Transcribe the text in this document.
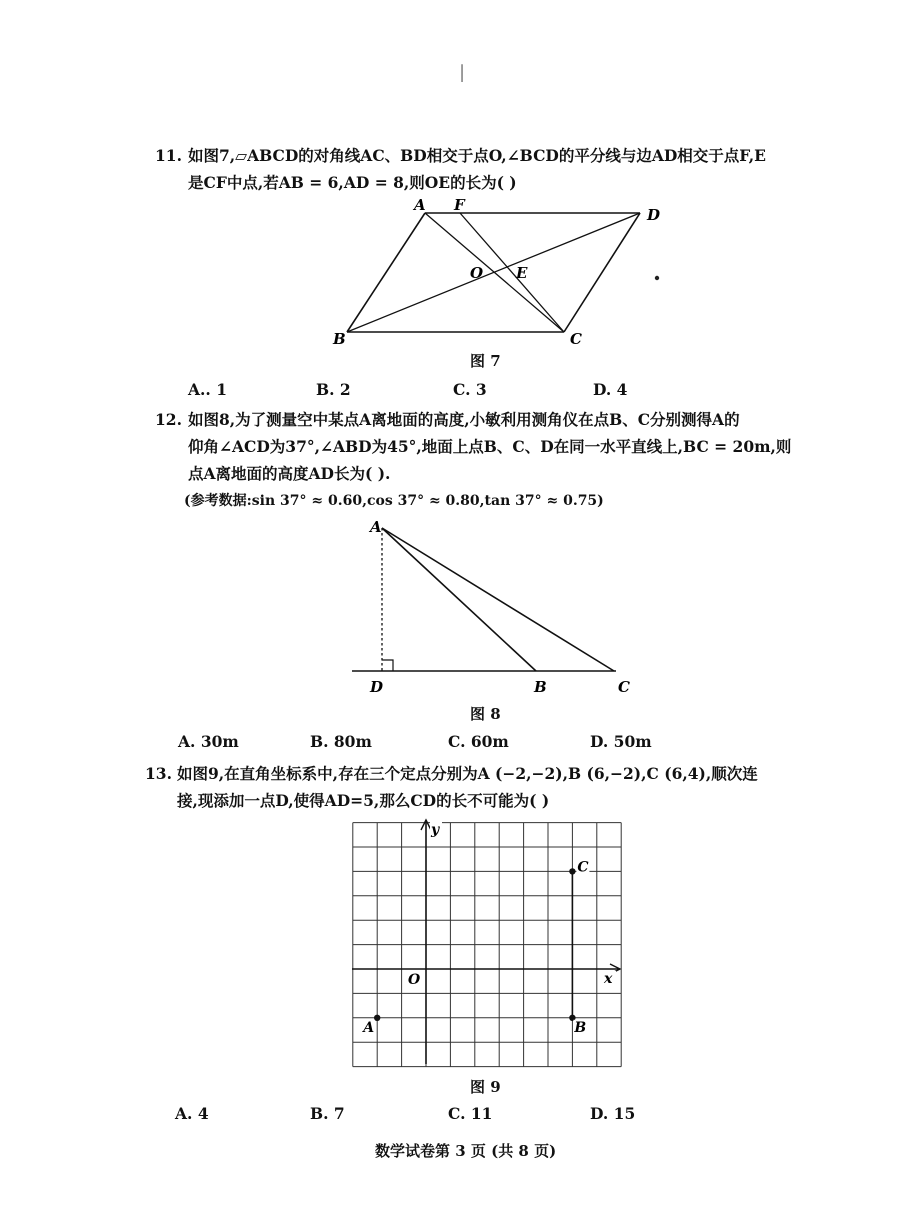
|
11. 如图7,▱ABCD的对角线AC、BD相交于点O,∠BCD的平分线与边AD相交于点F,E
是CF中点,若AB = 6,AD = 8,则OE的长为( )
A F
D
O E
B	C
图 7
A.. 1	B. 2	C. 3	D. 4
12. 如图8,为了测量空中某点A离地面的高度,小敏利用测角仪在点B、C分别测得A的
仰角∠ACD为37°,∠ABD为45°,地面上点B、C、D在同一水平直线上,BC = 20m,则
点A离地面的高度AD长为( ).
(参考数据:sin 37° ≈ 0.60,cos 37° ≈ 0.80,tan 37° ≈ 0.75)
A
D	B	C
图 8
A. 30m	B. 80m	C. 60m	D. 50m
13. 如图9,在直角坐标系中,存在三个定点分别为A (−2,−2),B (6,−2),C (6,4),顺次连
接,现添加一点D,使得AD=5,那么CD的长不可能为( )
y
x
O
A	B
C
图 9
A. 4	B. 7	C. 11	D. 15
数学试卷第 3 页 (共 8 页)
